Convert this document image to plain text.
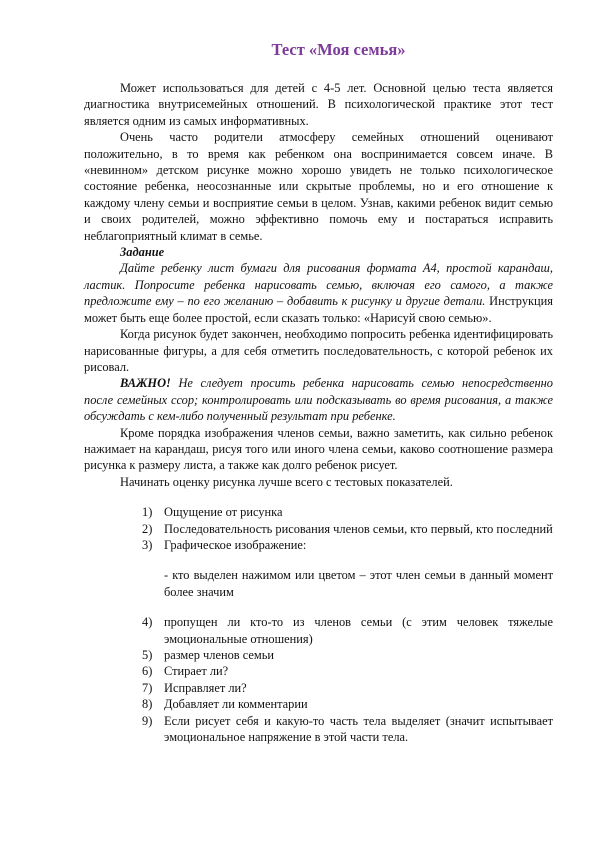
Тест «Моя семья»

Может использоваться для детей с 4-5 лет. Основной целью теста является диагностика внутрисемейных отношений. В психологической практике этот тест является одним из самых информативных.

Очень часто родители атмосферу семейных отношений оценивают положительно, в то время как ребенком она воспринимается совсем иначе. В «невинном» детском рисунке можно хорошо увидеть не только психологическое состояние ребенка, неосознанные или скрытые проблемы, но и его отношение к каждому члену семьи и восприятие семьи в целом. Узнав, какими ребенок видит семью и своих родителей, можно эффективно помочь ему и постараться исправить неблагоприятный климат в семье.

Задание

Дайте ребенку лист бумаги для рисования формата А4, простой карандаш, ластик. Попросите ребенка нарисовать семью, включая его самого, а также предложите ему – по его желанию – добавить к рисунку и другие детали. Инструкция может быть еще более простой, если сказать только: «Нарисуй свою семью».

Когда рисунок будет закончен, необходимо попросить ребенка идентифицировать нарисованные фигуры, а для себя отметить последовательность, с которой ребенок их рисовал.

ВАЖНО! Не следует просить ребенка нарисовать семью непосредственно после семейных ссор; контролировать или подсказывать во время рисования, а также обсуждать с кем-либо полученный результат при ребенке.

Кроме порядка изображения членов семьи, важно заметить, как сильно ребенок нажимает на карандаш, рисуя того или иного члена семьи, каково соотношение размера рисунка к размеру листа, а также как долго ребенок рисует.

Начинать оценку рисунка лучше всего с тестовых показателей.

1) Ощущение от рисунка
2) Последовательность рисования членов семьи, кто первый, кто последний
3) Графическое изображение:

- кто выделен нажимом или цветом – этот член семьи в данный момент более значим

4) пропущен ли кто-то из членов семьи (с этим человек тяжелые эмоциональные отношения)
5) размер членов семьи
6) Стирает ли?
7) Исправляет ли?
8) Добавляет ли комментарии
9) Если рисует себя и какую-то часть тела выделяет (значит испытывает эмоциональное напряжение в этой части тела.
